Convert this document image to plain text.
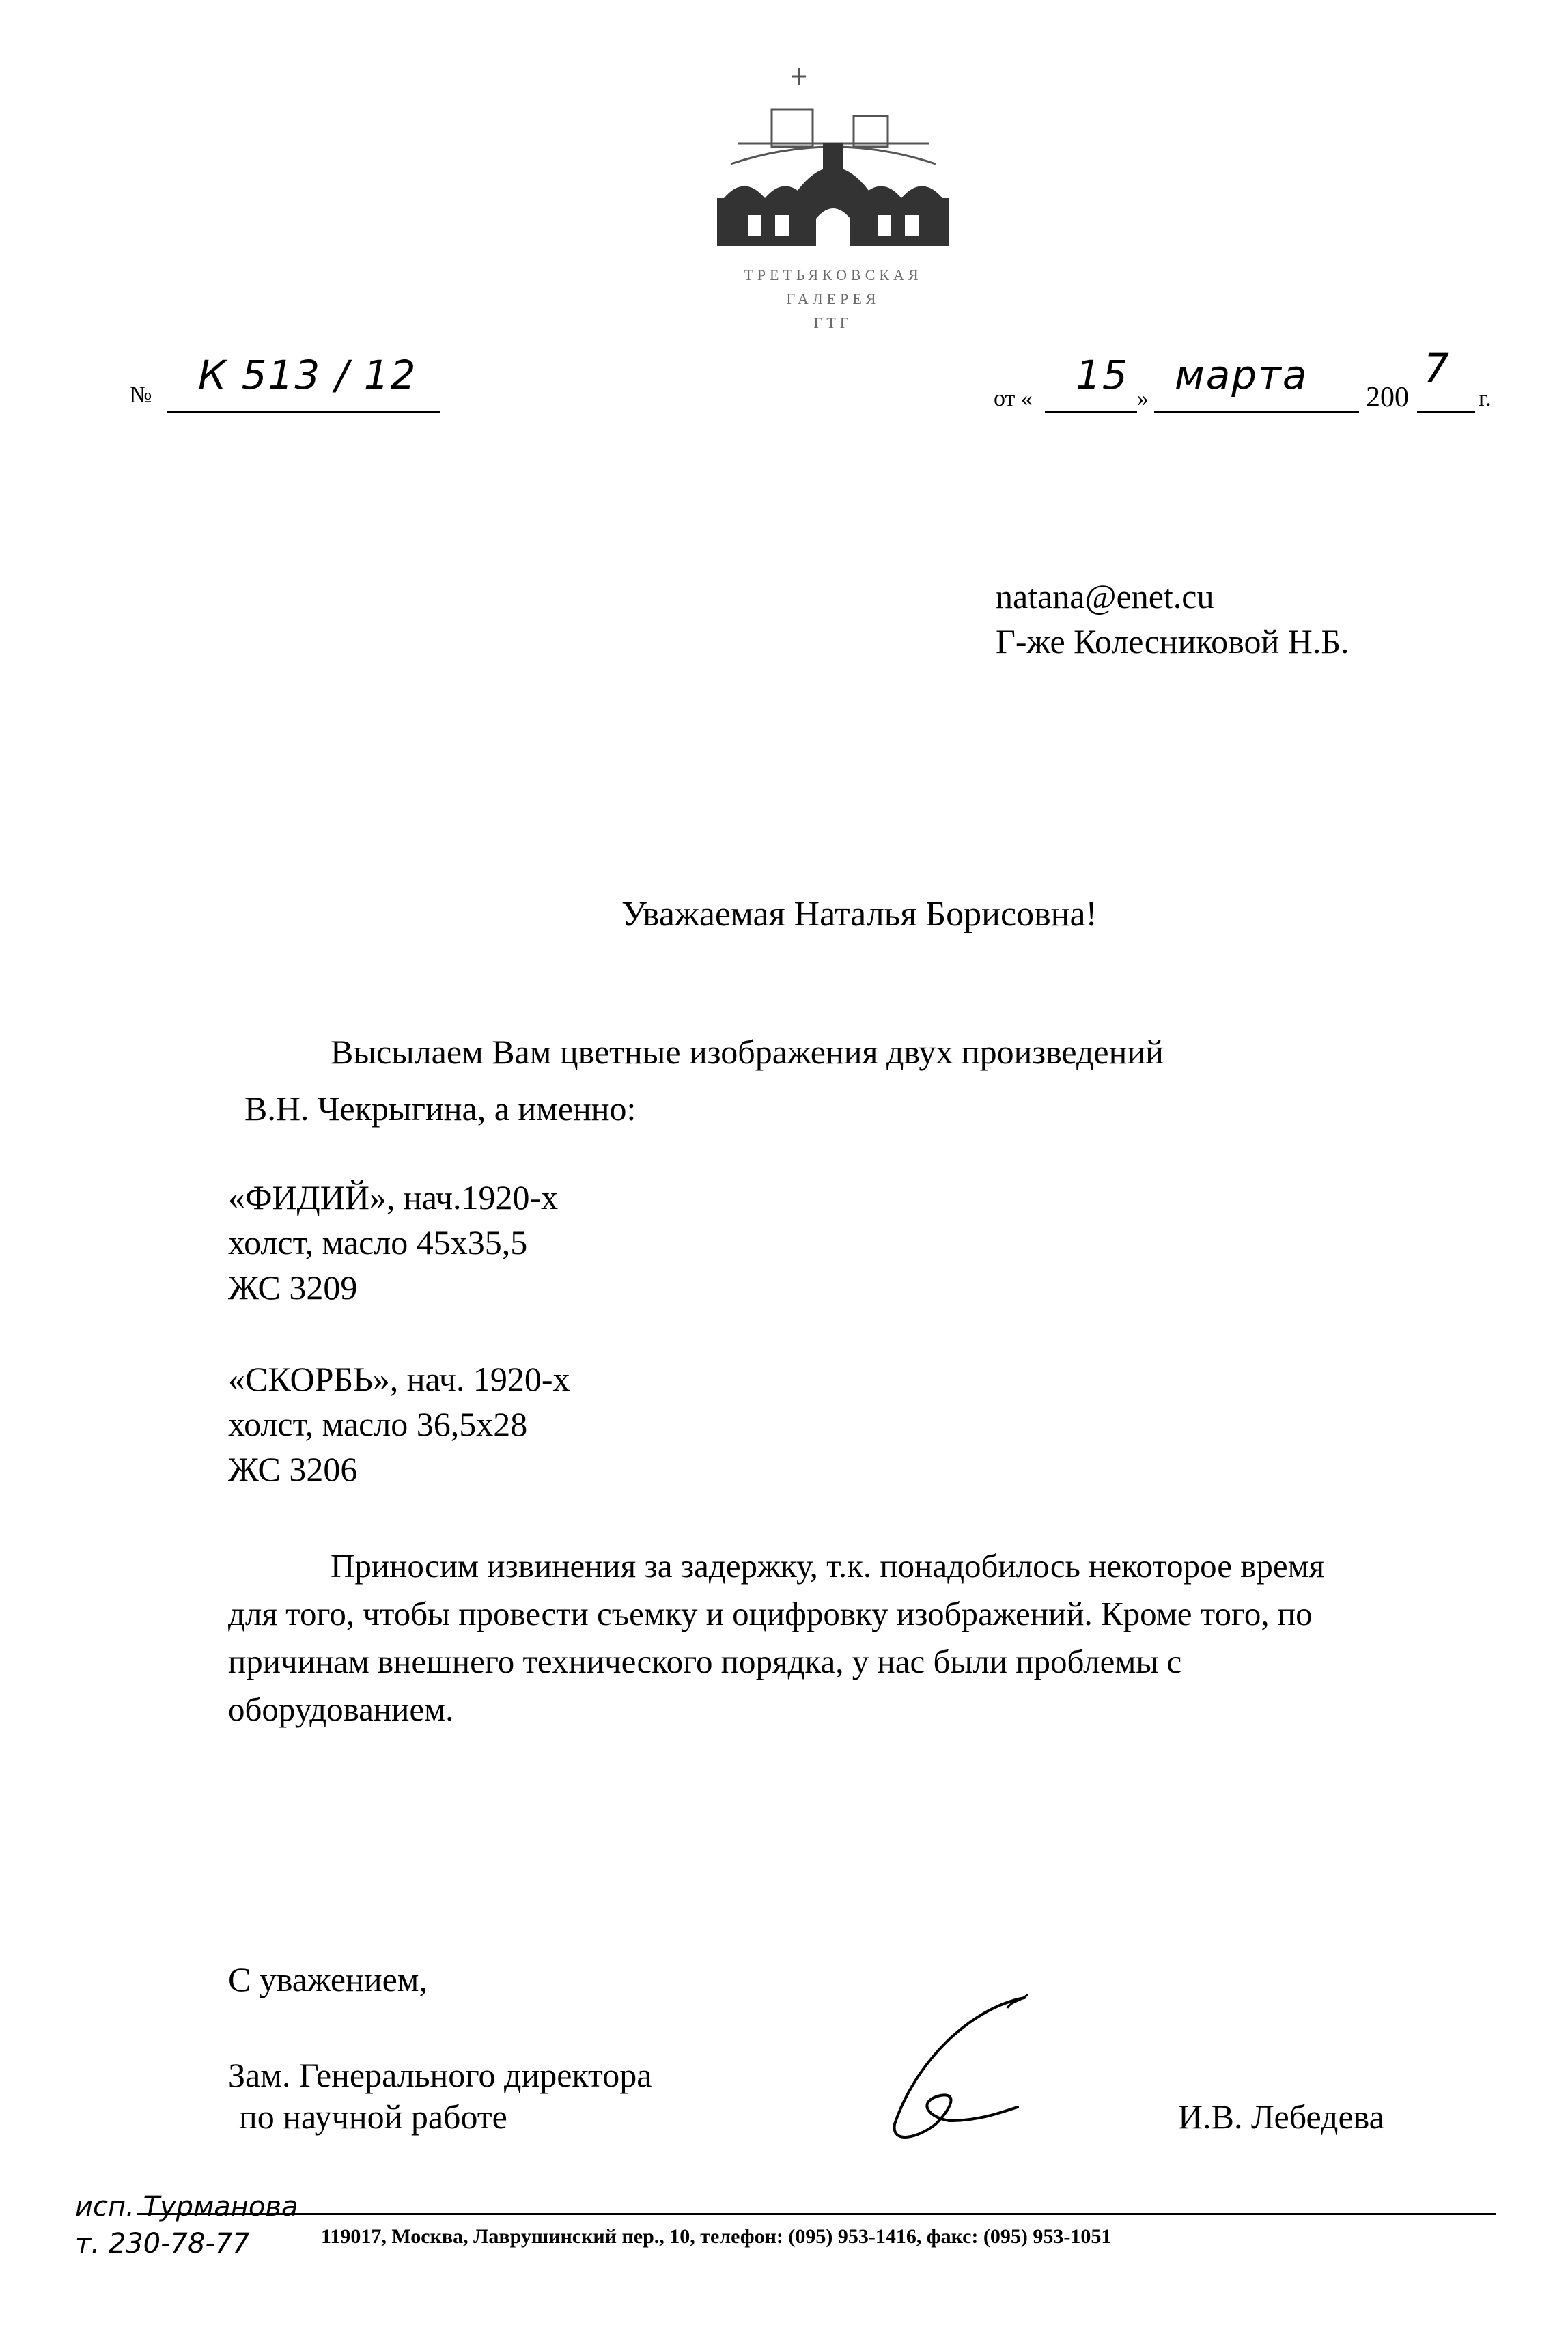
ТРЕТЬЯКОВСКАЯ
ГАЛЕРЕЯ
ГТГ
№ К 513 / 12
от «
15
»
марта 200
7
г.
natana@enet.cu
Г-же Колесниковой Н.Б.
Уважаемая Наталья Борисовна!
Высылаем Вам цветные изображения двух произведений
В.Н. Чекрыгина, а именно:
«ФИДИЙ», нач.1920-х
холст, масло 45х35,5
ЖС 3209
«СКОРБЬ», нач. 1920-х
холст, масло 36,5х28
ЖС 3206
Приносим извинения за задержку, т.к. понадобилось некоторое время
для того, чтобы провести съемку и оцифровку изображений. Кроме того, по
причинам внешнего технического порядка, у нас были проблемы с
оборудованием.
С уважением,
Зам. Генерального директора
по научной работе	И.В. Лебедева
исп. Турманова
т. 230-78-77	119017, Москва, Лаврушинский пер., 10, телефон: (095) 953-1416, факс: (095) 953-1051
